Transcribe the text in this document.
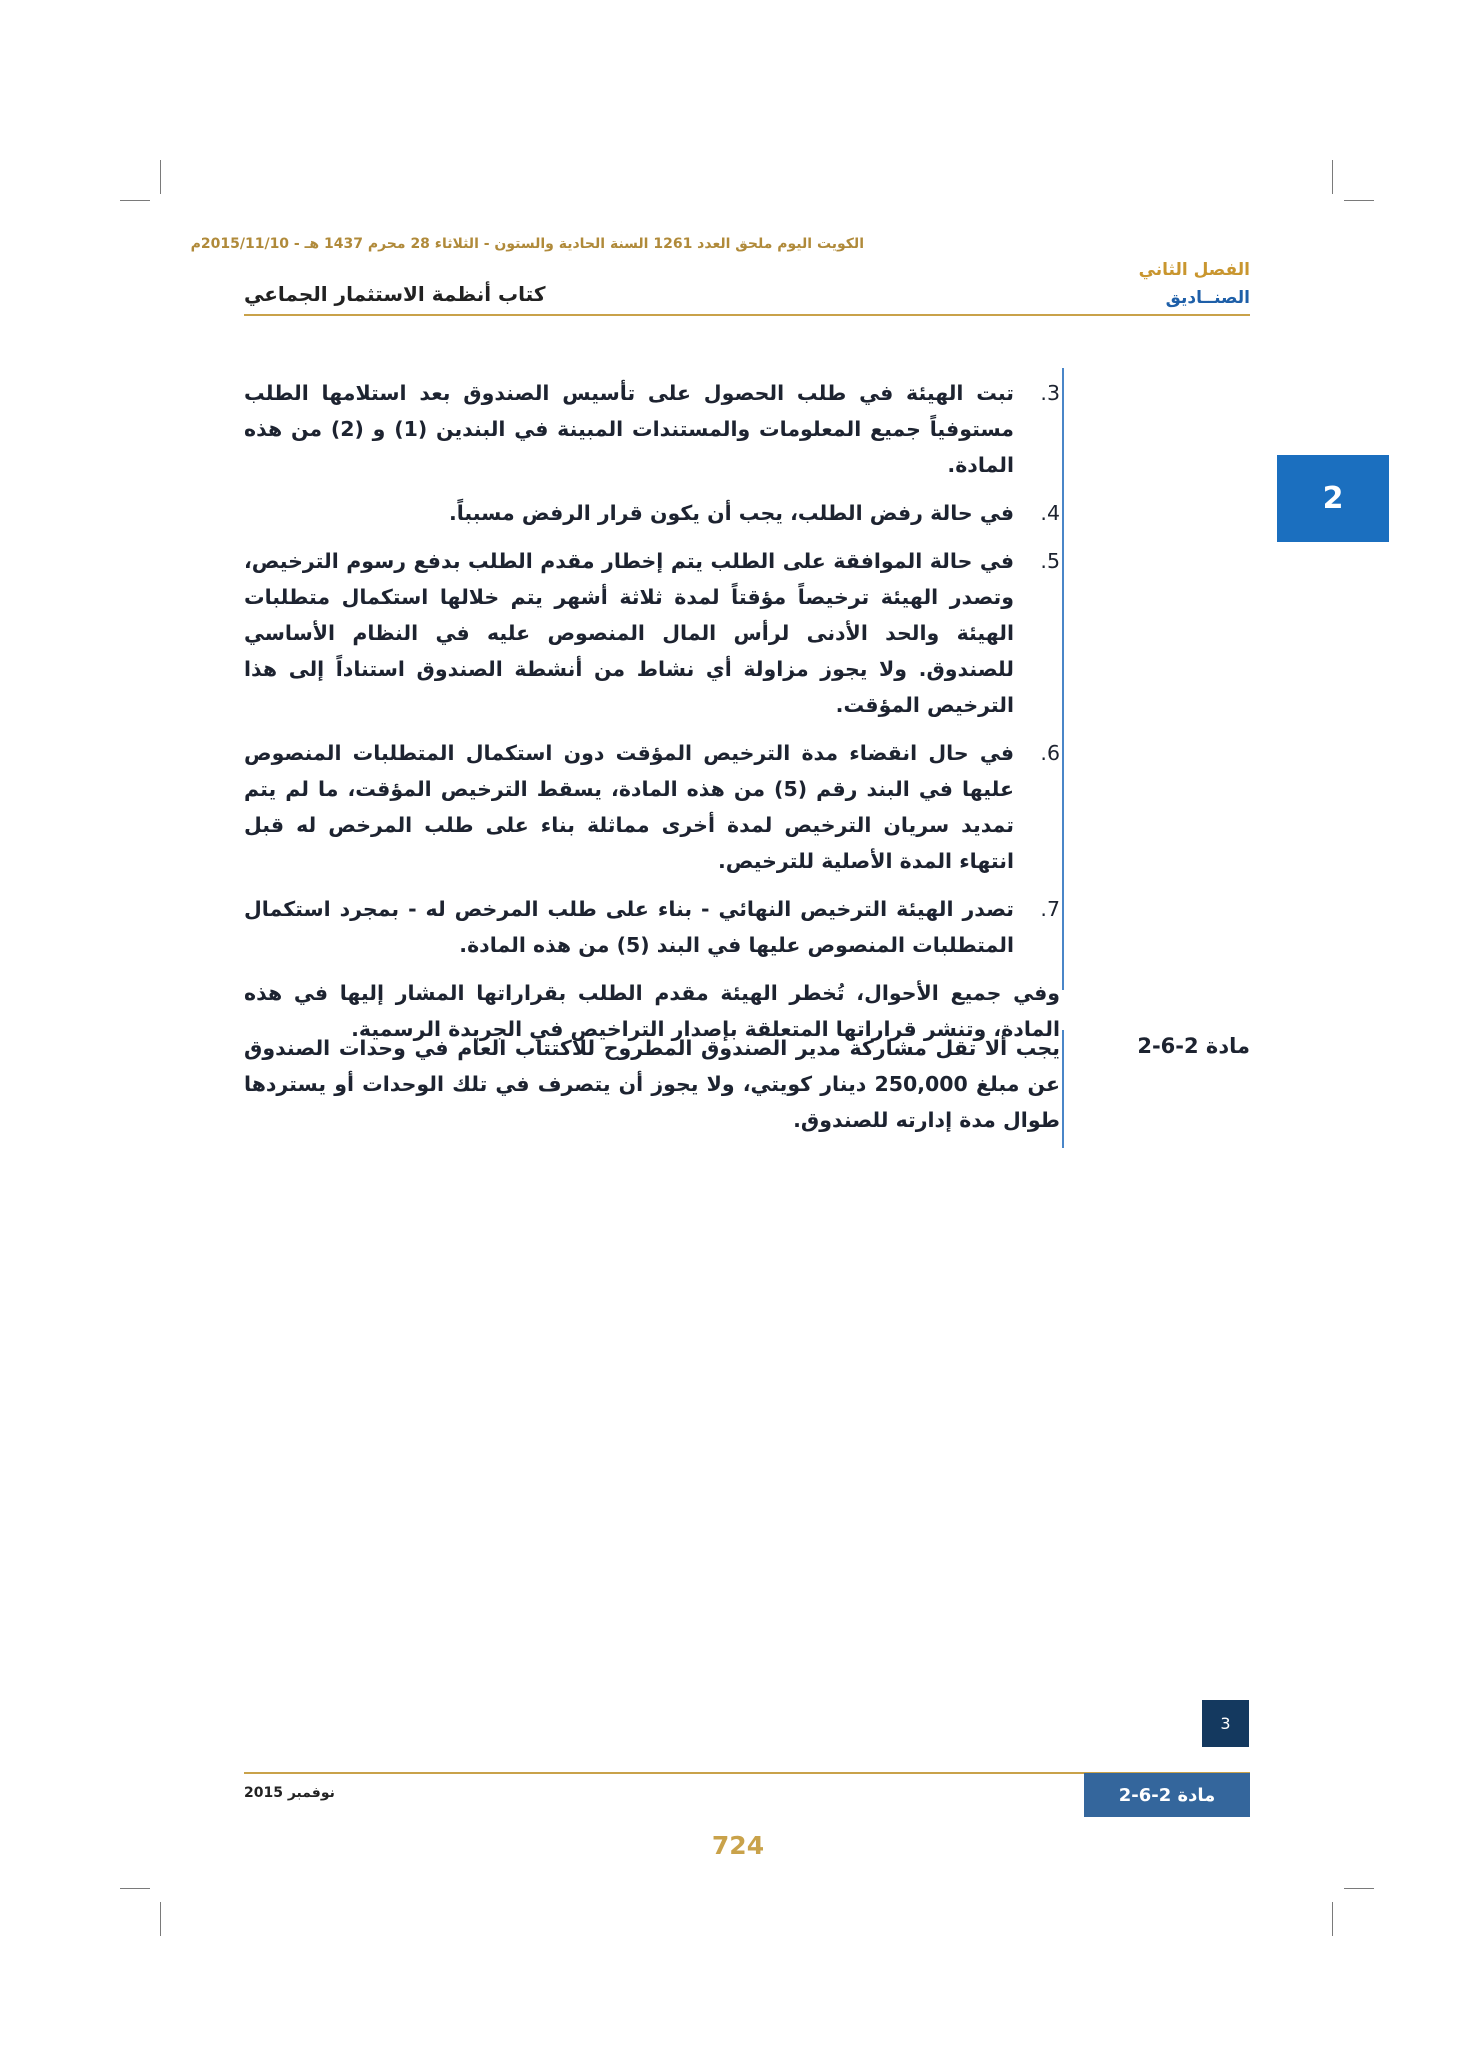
الكويت اليوم ملحق العدد 1261 السنة الحادية والستون - الثلاثاء 28 محرم 1437 هـ - 2015/11/10م
الفصل الثاني
الصنــاديق
كتاب أنظمة الاستثمار الجماعي
2
3.
تبت الهيئة في طلب الحصول على تأسيس الصندوق بعد استلامها الطلب مستوفياً جميع المعلومات والمستندات المبينة في البندين (1) و (2) من هذه المادة.
4.
في حالة رفض الطلب، يجب أن يكون قرار الرفض مسبباً.
5.
في حالة الموافقة على الطلب يتم إخطار مقدم الطلب بدفع رسوم الترخيص، وتصدر الهيئة ترخيصاً مؤقتاً لمدة ثلاثة أشهر يتم خلالها استكمال متطلبات الهيئة والحد الأدنى لرأس المال المنصوص عليه في النظام الأساسي للصندوق. ولا يجوز مزاولة أي نشاط من أنشطة الصندوق استناداً إلى هذا الترخيص المؤقت.
6.
في حال انقضاء مدة الترخيص المؤقت دون استكمال المتطلبات المنصوص عليها في البند رقم (5) من هذه المادة، يسقط الترخيص المؤقت، ما لم يتم تمديد سريان الترخيص لمدة أخرى مماثلة بناء على طلب المرخص له قبل انتهاء المدة الأصلية للترخيص.
7.
تصدر الهيئة الترخيص النهائي - بناء على طلب المرخص له - بمجرد استكمال المتطلبات المنصوص عليها في البند (5) من هذه المادة.
وفي جميع الأحوال، تُخطر الهيئة مقدم الطلب بقراراتها المشار إليها في هذه المادة، وتنشر قراراتها المتعلقة بإصدار التراخيص في الجريدة الرسمية.
مادة 2-6-2
يجب ألا تقل مشاركة مدير الصندوق المطروح للاكتتاب العام في وحدات الصندوق عن مبلغ 250,000 دينار كويتي، ولا يجوز أن يتصرف في تلك الوحدات أو يستردها طوال مدة إدارته للصندوق.
3
نوفمبر 2015	مادة 2-6-2
724
